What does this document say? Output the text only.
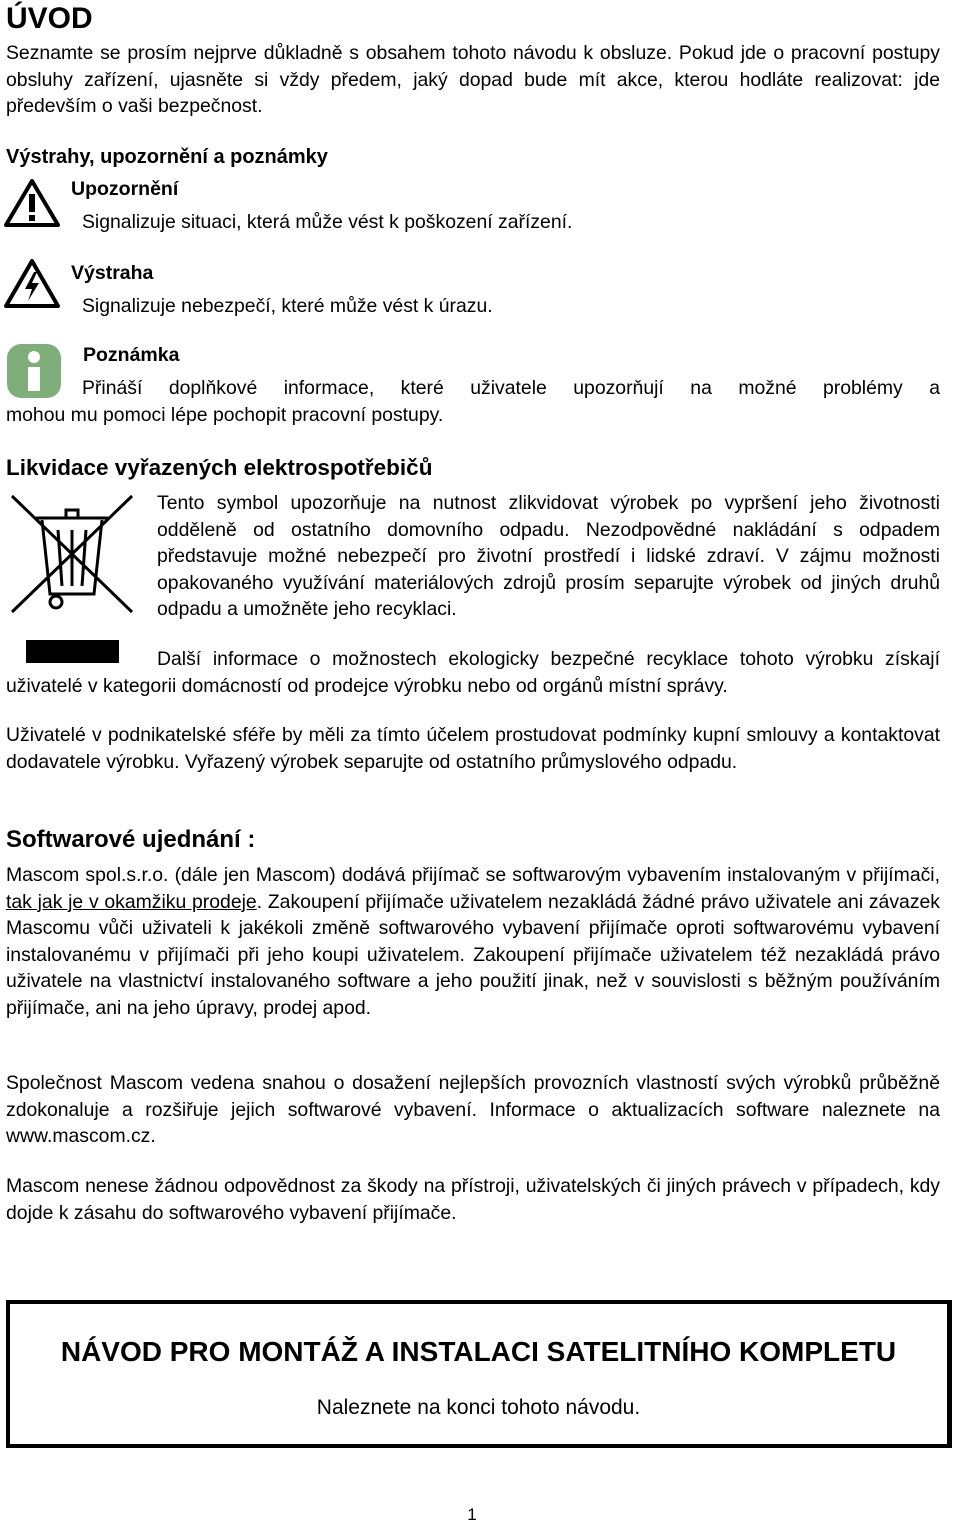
ÚVOD

Seznamte se prosím nejprve důkladně s obsahem tohoto návodu k obsluze. Pokud jde o pracovní postupy obsluhy zařízení, ujasněte si vždy předem, jaký dopad bude mít akce, kterou hodláte realizovat: jde především o vaši bezpečnost.

Výstrahy, upozornění a poznámky

Upozornění

Signalizuje situaci, která může vést k poškození zařízení.

Výstraha

Signalizuje nebezpečí, které může vést k úrazu.

Poznámka

Přináší doplňkové informace, které uživatele upozorňují na možné problémy a

mohou mu pomoci lépe pochopit pracovní postupy.

Likvidace vyřazených elektrospotřebičů

Tento symbol upozorňuje na nutnost zlikvidovat výrobek po vypršení jeho životnosti odděleně od ostatního domovního odpadu. Nezodpovědné nakládání s odpadem představuje možné nebezpečí pro životní prostředí i lidské zdraví. V zájmu možnosti opakovaného využívání materiálových zdrojů prosím separujte výrobek od jiných druhů odpadu a umožněte jeho recyklaci.

Další informace o možnostech ekologicky bezpečné recyklace tohoto výrobku získají uživatelé v kategorii domácností od prodejce výrobku nebo od orgánů místní správy.

Uživatelé v podnikatelské sféře by měli za tímto účelem prostudovat podmínky kupní smlouvy a kontaktovat dodavatele výrobku. Vyřazený výrobek separujte od ostatního průmyslového odpadu.

Softwarové ujednání :

Mascom spol.s.r.o. (dále jen Mascom) dodává přijímač se softwarovým vybavením instalovaným v přijímači, tak jak je v okamžiku prodeje. Zakoupení přijímače uživatelem nezakládá žádné právo uživatele ani závazek Mascomu vůči uživateli k jakékoli změně softwarového vybavení přijímače oproti softwarovému vybavení instalovanému v přijímači při jeho koupi uživatelem. Zakoupení přijímače uživatelem též nezakládá právo uživatele na vlastnictví instalovaného software a jeho použití jinak, než v souvislosti s běžným používáním přijímače, ani na jeho úpravy, prodej apod.

Společnost Mascom vedena snahou o dosažení nejlepších provozních vlastností svých výrobků průběžně zdokonaluje a rozšiřuje jejich softwarové vybavení. Informace o aktualizacích software naleznete na www.mascom.cz.

Mascom nenese žádnou odpovědnost za škody na přístroji, uživatelských či jiných právech v případech, kdy dojde k zásahu do softwarového vybavení přijímače.

NÁVOD PRO MONTÁŽ A INSTALACI SATELITNÍHO KOMPLETU

Naleznete na konci tohoto návodu.

1
